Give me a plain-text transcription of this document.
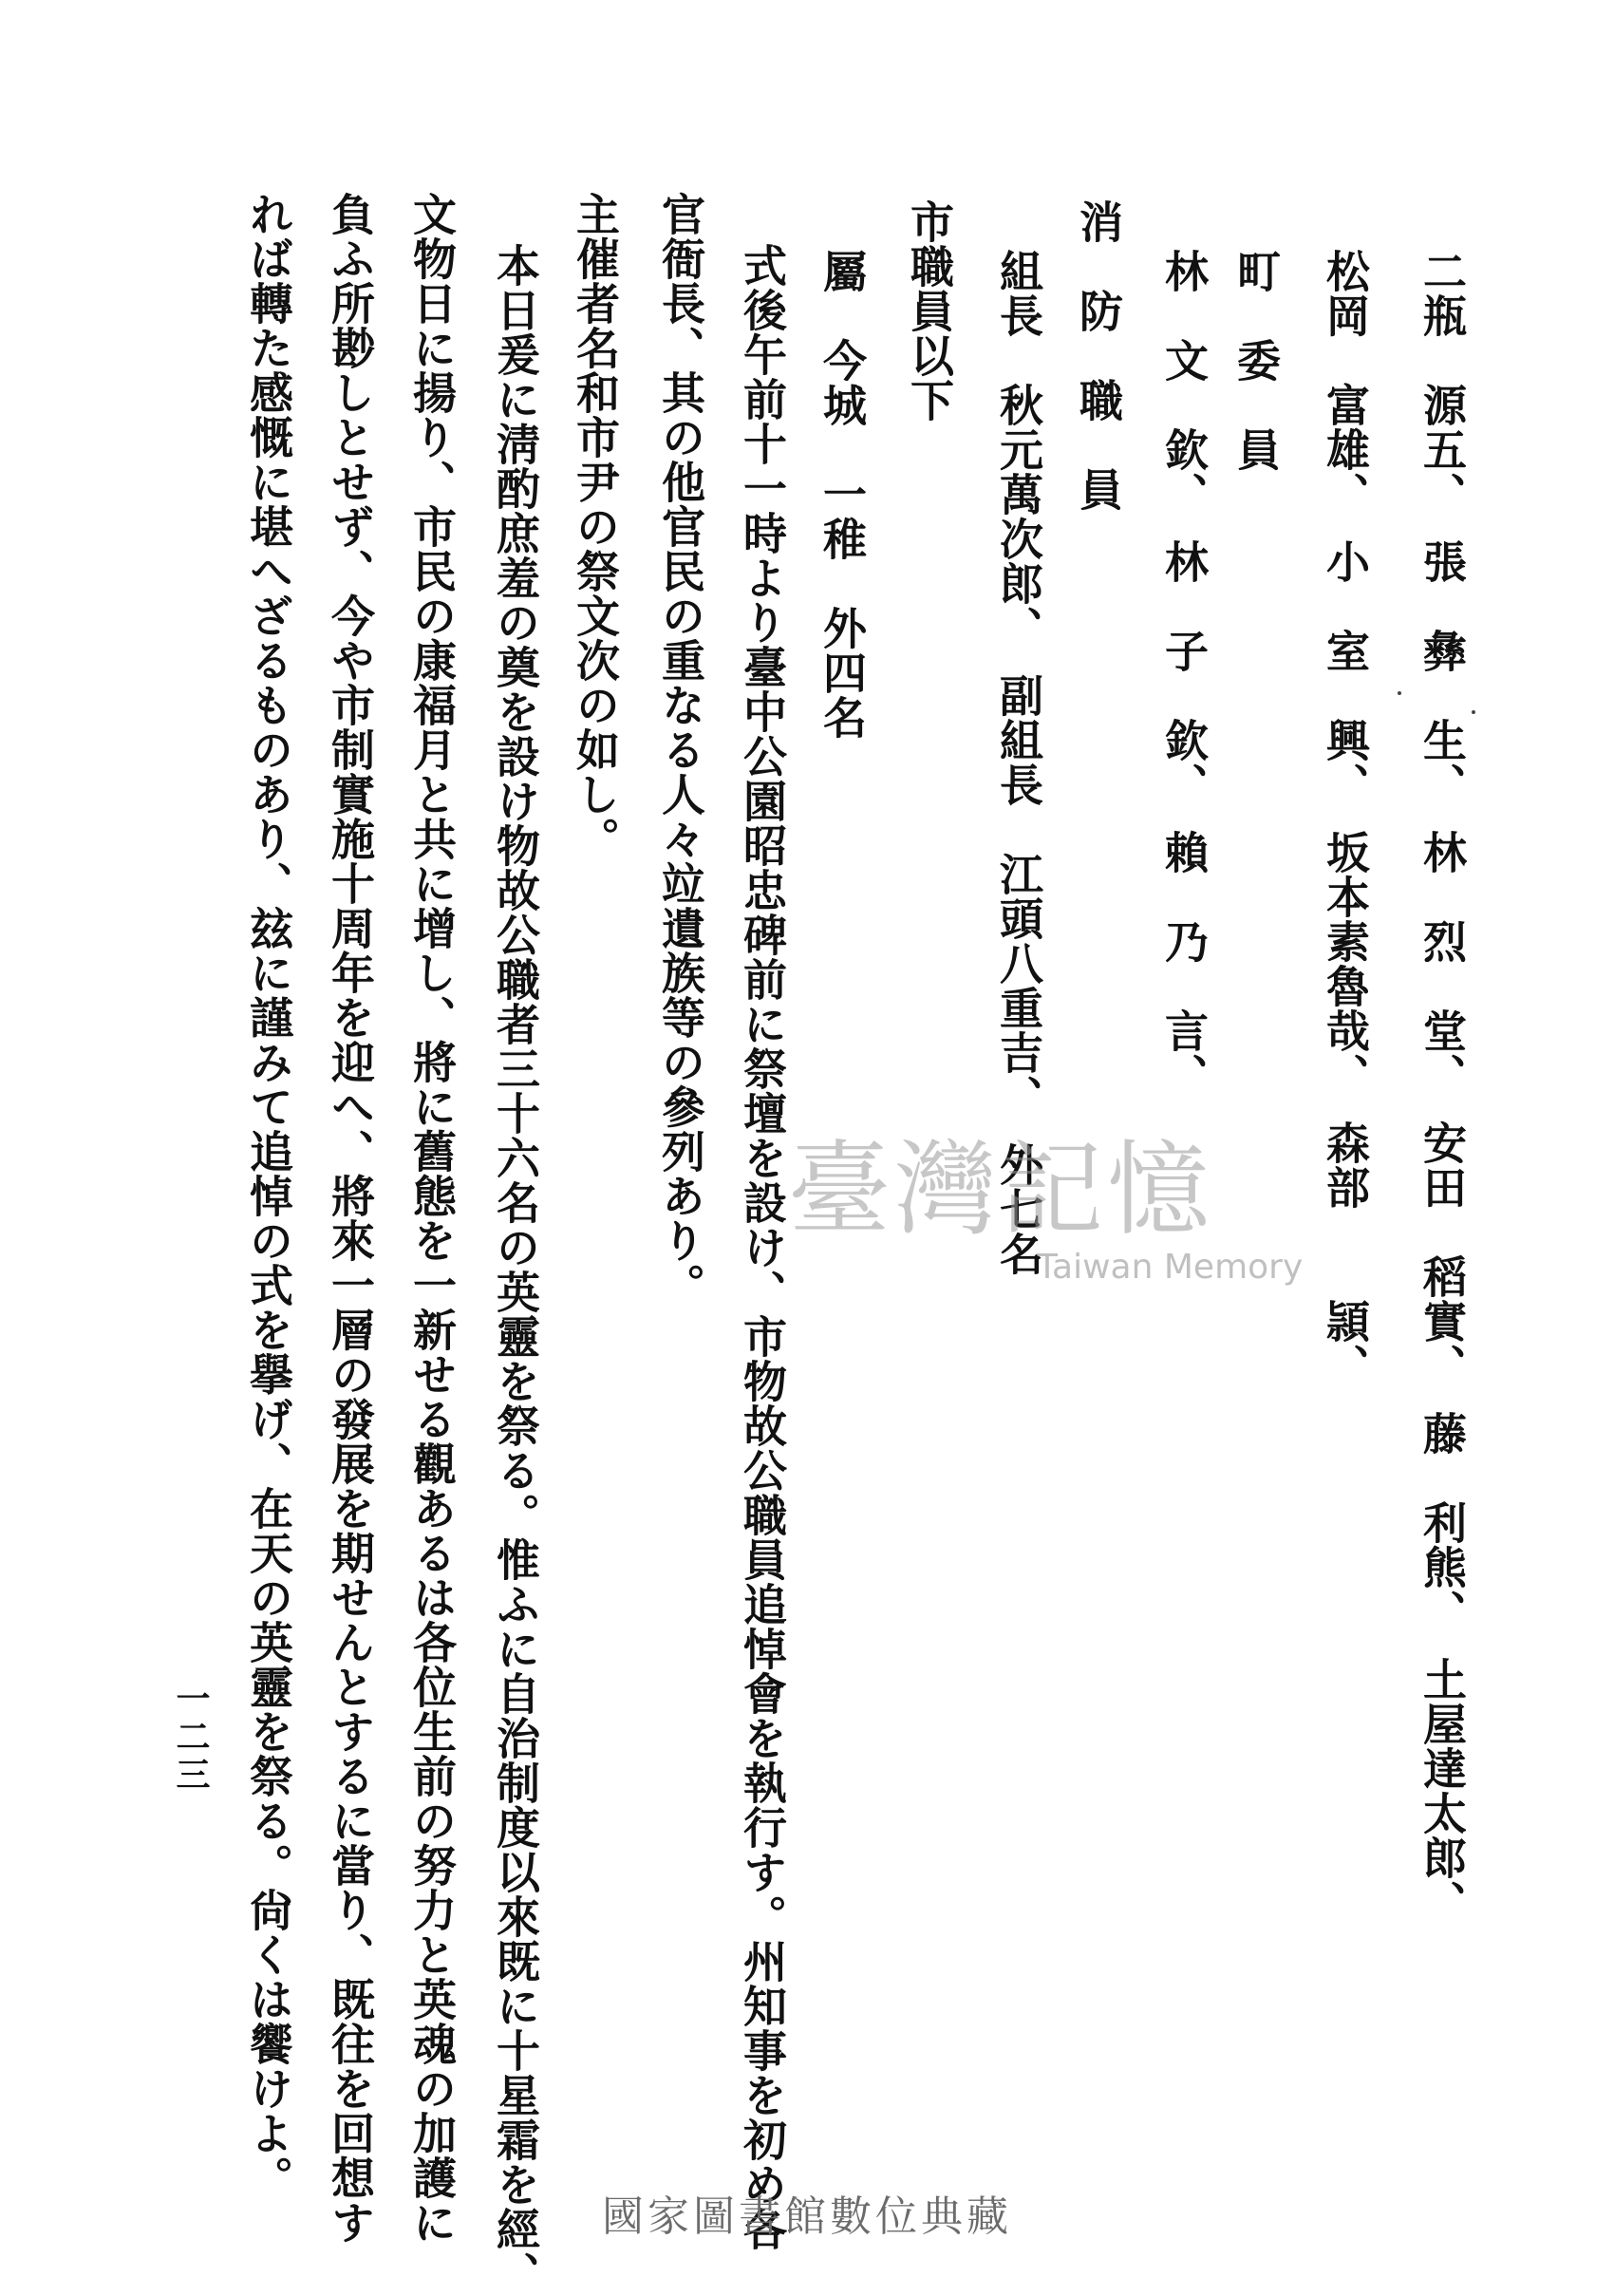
二瓶　源五、　張　彝　生、　林　烈　堂、　安田　稻實、　藤　利熊、　土屋達太郎、
松岡　富雄、　小　室　興、　坂本素魯哉、　森部　　頴、
町　委　員
林　文　欽、　林　子　欽、　賴　乃　言、
消　防　職　員
組長　秋元萬次郎、　副組長　江頭八重吉、　外七名
市職員以下
屬　今城　一稚　外四名
式後午前十一時より臺中公園昭忠碑前に祭壇を設け、市物故公職員追悼會を執行す。州知事を初め各
官衙長、其の他官民の重なる人々竝遺族等の參列あり。
主催者名和市尹の祭文次の如し。
本日爰に淸酌庶羞の奠を設け物故公職者三十六名の英靈を祭る。惟ふに自治制度以來既に十星霜を經、
文物日に揚り、市民の康福月と共に增し、將に舊態を一新せる觀あるは各位生前の努力と英魂の加護に
負ふ所尠しとせず、今や市制實施十周年を迎へ、將來一層の發展を期せんとするに當り、既往を回想す
れば轉た感慨に堪へざるものあり、玆に謹みて追悼の式を擧げ、在天の英靈を祭る。尙くは饗けよ。
一二三
臺灣記憶
Taiwan Memory
國家圖書館數位典藏
